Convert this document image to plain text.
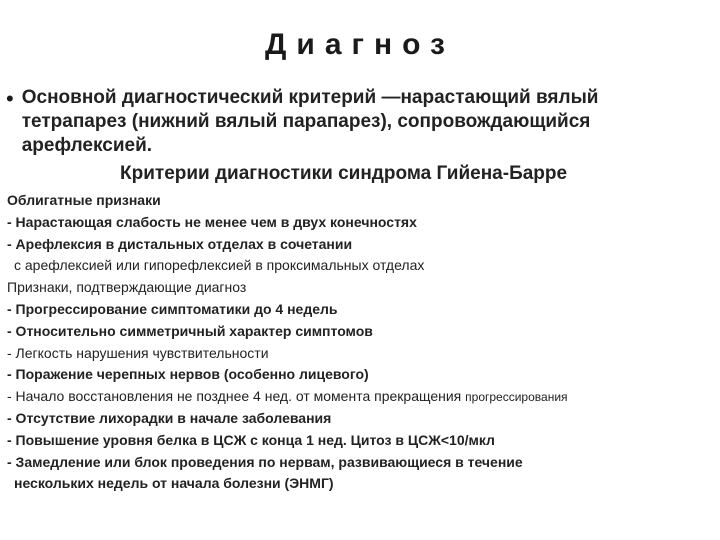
Диагноз
• Основной диагностический критерий —нарастающий вялый тетрапарез (нижний вялый парапарез), сопровождающийся арефлексией.
Критерии диагностики синдрома Гийена-Барре
Облигатные признаки
- Нарастающая слабость не менее чем в двух конечностях
- Арефлексия в дистальных отделах в сочетании
с арефлексией или гипорефлексией в проксимальных отделах
Признаки, подтверждающие диагноз
- Прогрессирование симптоматики до 4 недель
- Относительно симметричный характер симптомов
- Легкость нарушения чувствительности
- Поражение черепных нервов (особенно лицевого)
- Начало восстановления не позднее 4 нед. от момента прекращения прогрессирования
- Отсутствие лихорадки в начале заболевания
- Повышение уровня белка в ЦСЖ с конца 1 нед. Цитоз в ЦСЖ<10/мкл
- Замедление или блок проведения по нервам, развивающиеся в течение
нескольких недель от начала болезни (ЭНМГ)
